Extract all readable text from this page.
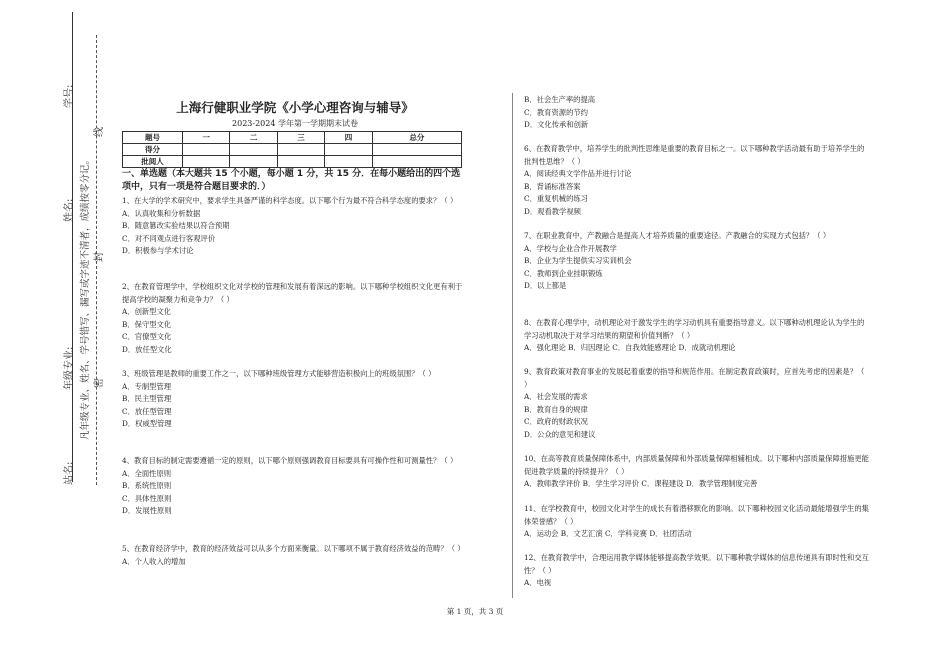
学号:
姓名:
年级专业:
站名:
凡年级专业、姓名、学号错写、漏写或字迹不清者，成绩按零分记。
线
封
密
上海行健职业学院《小学心理咨询与辅导》
2023-2024 学年第一学期期末试卷
题号	一	二	三	四	总分
得分					
批阅人					
一、单选题（本大题共 15 个小题，每小题 1 分，共 15 分．在每小题给出的四个选项中，只有一项是符合题目要求的．）
1、在大学的学术研究中，要求学生具备严谨的科学态度。以下哪个行为最不符合科学态度的要求？（ ）
A．认真收集和分析数据
B．随意篡改实验结果以符合预期
C．对不同观点进行客观评价
D．积极参与学术讨论
2、在教育管理学中，学校组织文化对学校的管理和发展有着深远的影响。以下哪种学校组织文化更有利于提高学校的凝聚力和竞争力？（ ）
A．创新型文化
B．保守型文化
C．官僚型文化
D．放任型文化
3、班级管理是教师的重要工作之一，以下哪种班级管理方式能够营造积极向上的班级氛围？（ ）
A．专制型管理
B．民主型管理
C．放任型管理
D．权威型管理
4、教育目标的制定需要遵循一定的原则，以下哪个原则强调教育目标要具有可操作性和可测量性？（ ）
A．全面性原则
B．系统性原则
C．具体性原则
D．发展性原则
5、在教育经济学中，教育的经济效益可以从多个方面来衡量。以下哪项不属于教育经济效益的范畴？（ ）
A．个人收入的增加
B．社会生产率的提高
C．教育资源的节约
D．文化传承和创新
6、在教育教学中，培养学生的批判性思维是重要的教育目标之一。以下哪种教学活动最有助于培养学生的批判性思维？（ ）
A．阅读经典文学作品并进行讨论
B．背诵标准答案
C．重复机械的练习
D．观看教学视频
7、在职业教育中，产教融合是提高人才培养质量的重要途径。产教融合的实现方式包括？（ ）
A．学校与企业合作开展教学
B．企业为学生提供实习实训机会
C．教师到企业挂职锻炼
D．以上都是
8、在教育心理学中，动机理论对于激发学生的学习动机具有重要指导意义。以下哪种动机理论认为学生的学习动机取决于对学习结果的期望和价值判断？（ ）
A．强化理论 B．归因理论 C．自我效能感理论 D．成就动机理论
9、教育政策对教育事业的发展起着重要的指导和规范作用。在制定教育政策时，应首先考虑的因素是？（ ）
A．社会发展的需求
B．教育自身的规律
C．政府的财政状况
D．公众的意见和建议
10、在高等教育质量保障体系中，内部质量保障和外部质量保障相辅相成。以下哪种内部质量保障措施更能促进教学质量的持续提升？（ ）
A．教师教学评价 B．学生学习评价 C．课程建设 D．教学管理制度完善
11、在学校教育中，校园文化对学生的成长有着潜移默化的影响。以下哪种校园文化活动最能增强学生的集体荣誉感？（ ）
A．运动会 B．文艺汇演 C．学科竞赛 D．社团活动
12、在教育教学中，合理运用教学媒体能够提高教学效果。以下哪种教学媒体的信息传递具有即时性和交互性？（ ）
A．电视
第 1 页，共 3 页
